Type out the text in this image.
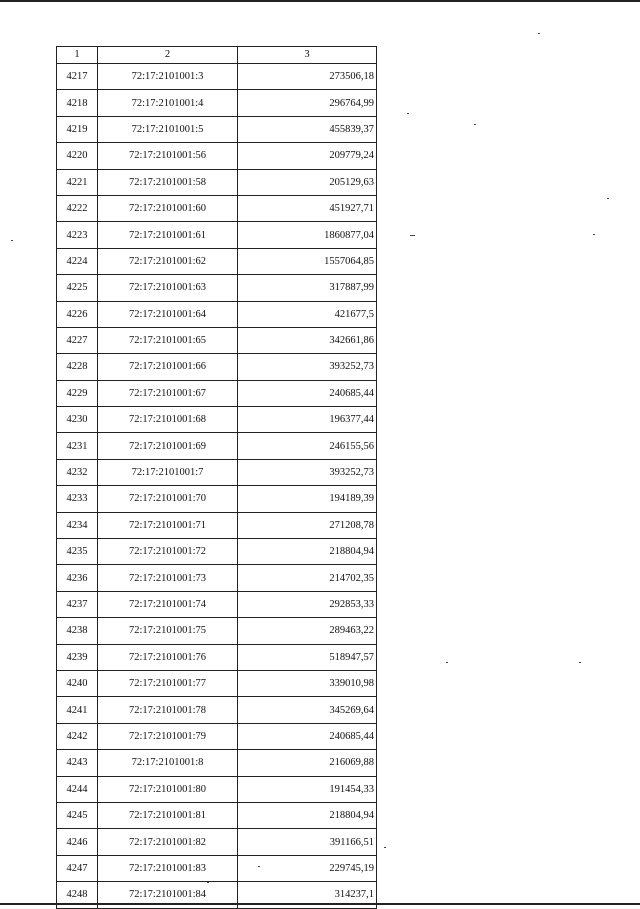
1	2	3
4217	72:17:2101001:3	273506,18
4218	72:17:2101001:4	296764,99
4219	72:17:2101001:5	455839,37
4220	72:17:2101001:56	209779,24
4221	72:17:2101001:58	205129,63
4222	72:17:2101001:60	451927,71
4223	72:17:2101001:61	1860877,04
4224	72:17:2101001:62	1557064,85
4225	72:17:2101001:63	317887,99
4226	72:17:2101001:64	421677,5
4227	72:17:2101001:65	342661,86
4228	72:17:2101001:66	393252,73
4229	72:17:2101001:67	240685,44
4230	72:17:2101001:68	196377,44
4231	72:17:2101001:69	246155,56
4232	72:17:2101001:7	393252,73
4233	72:17:2101001:70	194189,39
4234	72:17:2101001:71	271208,78
4235	72:17:2101001:72	218804,94
4236	72:17:2101001:73	214702,35
4237	72:17:2101001:74	292853,33
4238	72:17:2101001:75	289463,22
4239	72:17:2101001:76	518947,57
4240	72:17:2101001:77	339010,98
4241	72:17:2101001:78	345269,64
4242	72:17:2101001:79	240685,44
4243	72:17:2101001:8	216069,88
4244	72:17:2101001:80	191454,33
4245	72:17:2101001:81	218804,94
4246	72:17:2101001:82	391166,51
4247	72:17:2101001:83	229745,19
4248	72:17:2101001:84	314237,1
